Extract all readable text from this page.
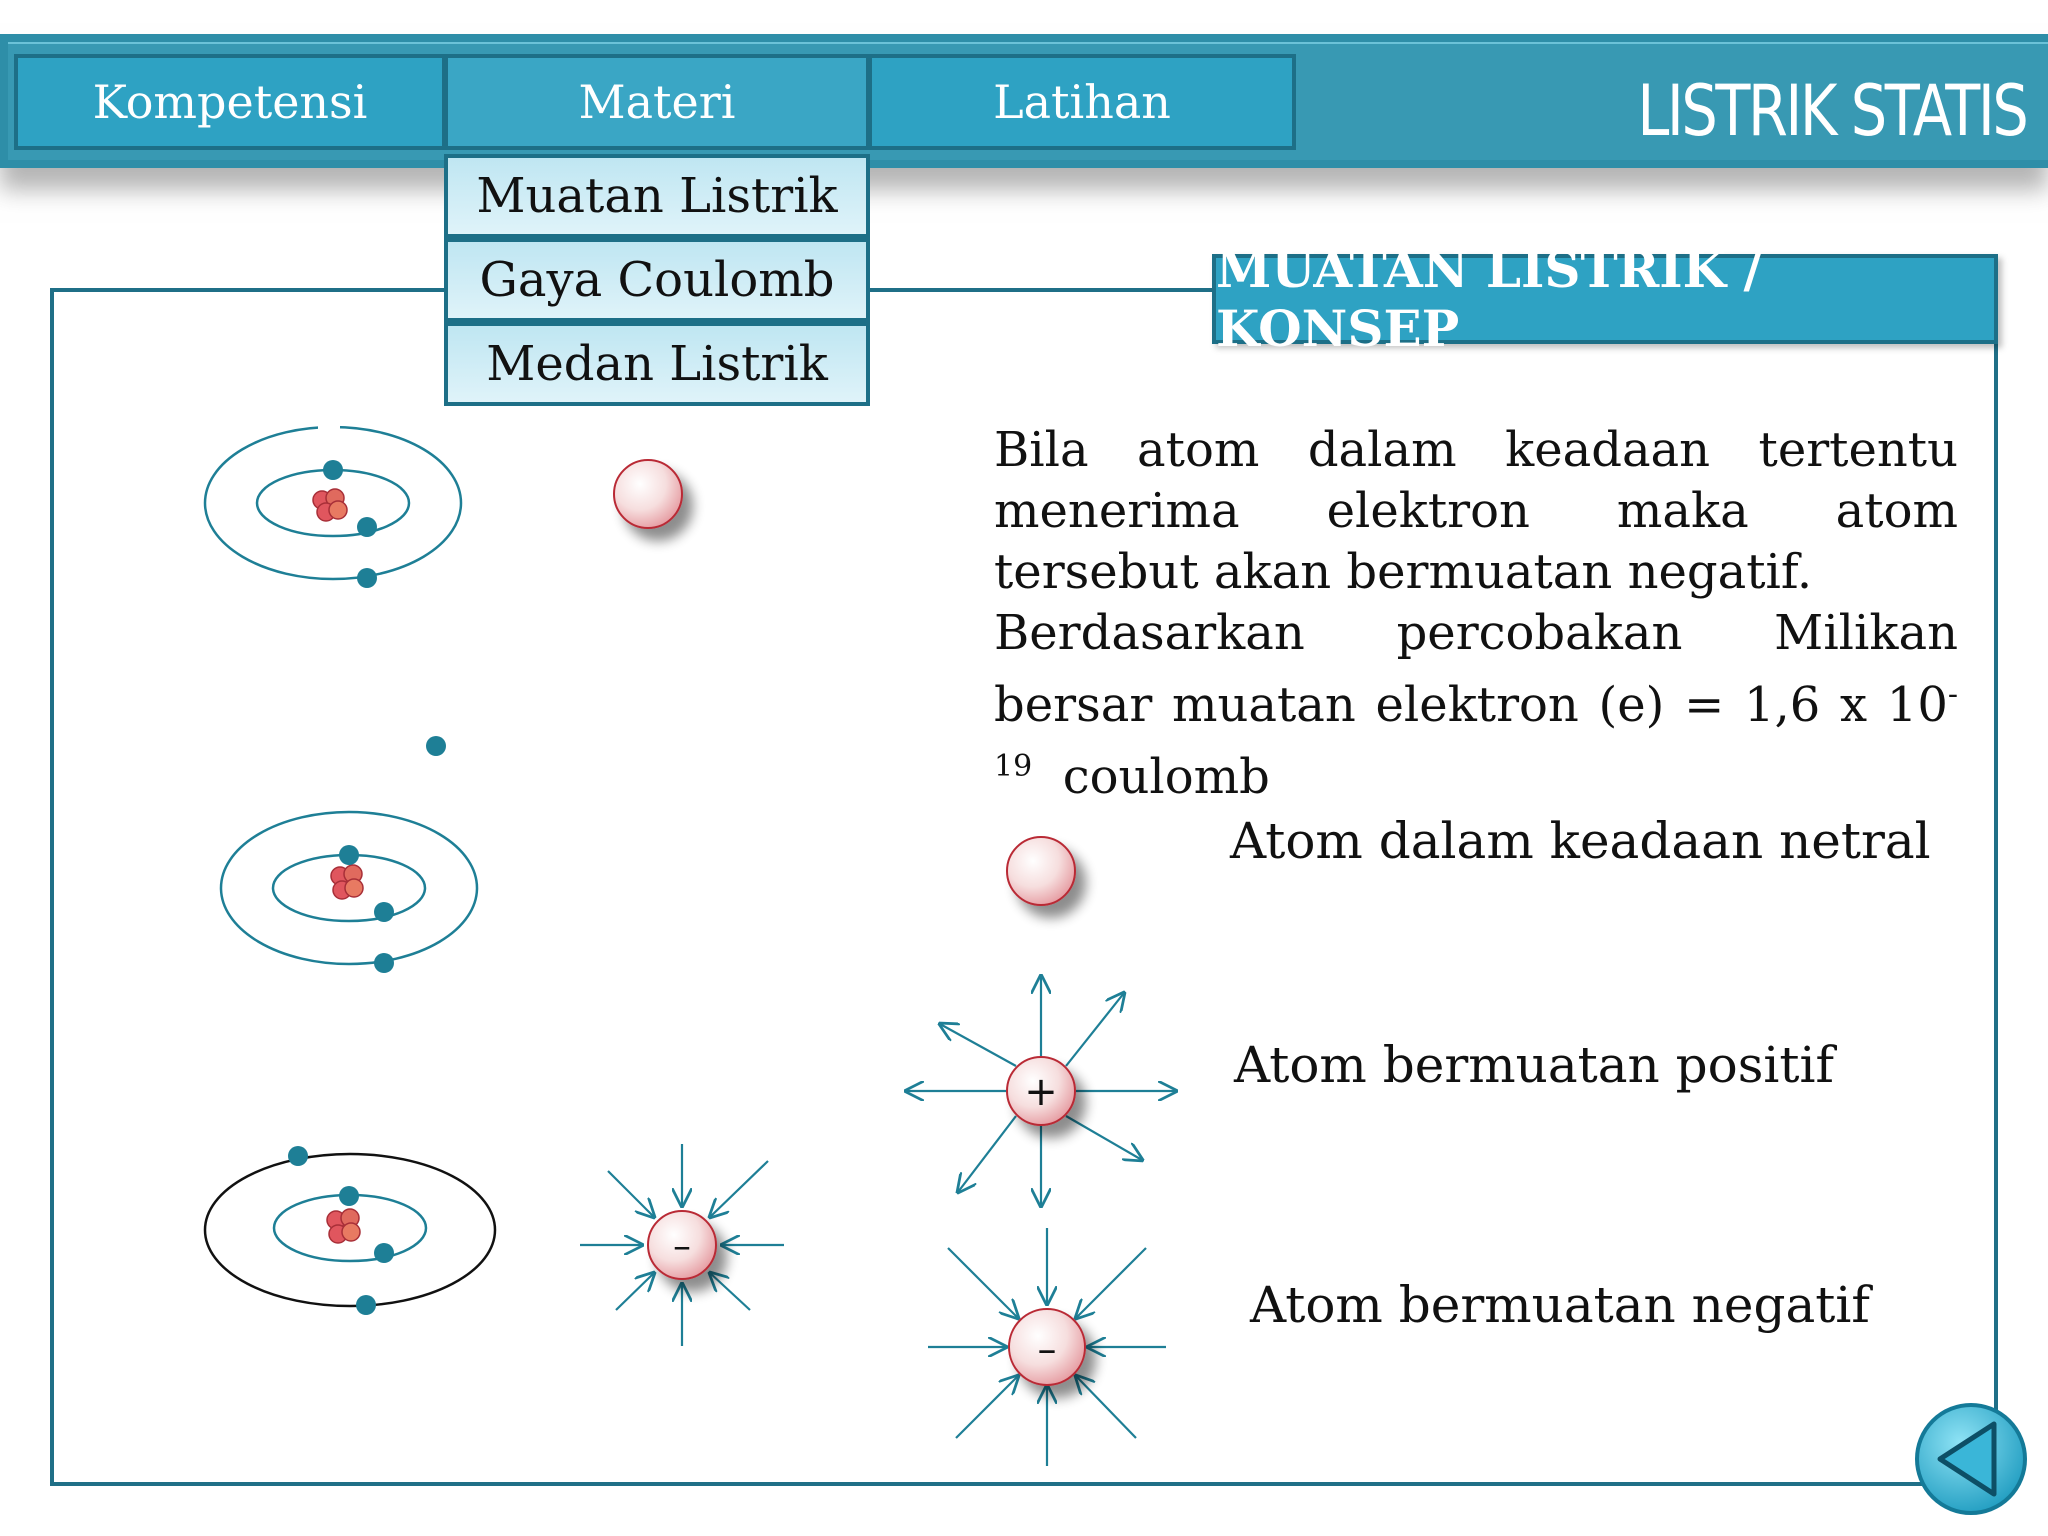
Kompetensi	Materi	Latihan	LISTRIK STATIS
MUATAN LISTRIK / KONSEP
Muatan Listrik
Gaya Coulomb
Medan Listrik

Bila atom dalam keadaan tertentu menerima elektron maka atom tersebut akan bermuatan negatif.

Berdasarkan percobakan Milikan bersar muatan elektron (e) = 1,6 x $10^{-19}$ coulomb

Atom dalam keadaan netral
Atom bermuatan positif
Atom bermuatan negatif
–
+
–
